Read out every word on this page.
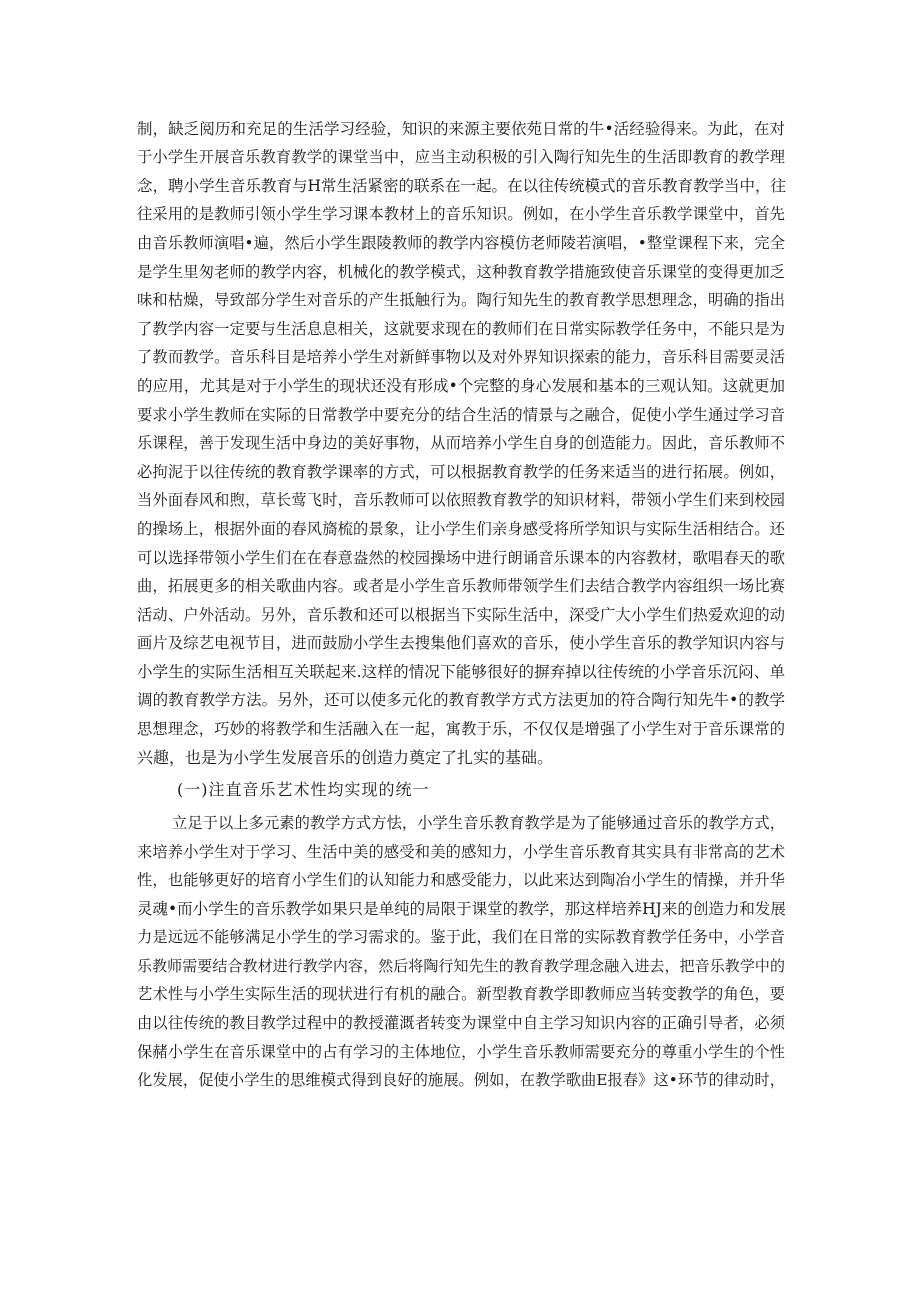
制，缺乏阅历和充足的生活学习经验，知识的来源主要依苑日常的牛•活经验得来。为此，在对
于小学生开展音乐教育教学的课堂当中，应当主动积极的引入陶行知先生的生活即教育的教学理
念，聘小学生音乐教育与H常生活紧密的联系在一起。在以往传统模式的音乐教育教学当中，往
往采用的是教师引领小学生学习课本教材上的音乐知识。例如，在小学生音乐教学课堂中，首先
由音乐教师演唱•遍，然后小学生跟陵教师的教学内容模仿老师陵若演唱，•整堂课程下来，完全
是学生里匆老师的教学内容，机械化的教学模式，这种教育教学措施致使音乐课堂的变得更加乏
味和枯燥，导致部分学生对音乐的产生抵触行为。陶行知先生的教育教学思想理念，明确的指出
了教学内容一定要与生活息息相关，这就要求现在的教师们在日常实际教学任务中，不能只是为
了教而教学。音乐科目是培养小学生对新鲜事物以及对外界知识探索的能力，音乐科目需要灵活
的应用，尤其是对于小学生的现状还没有形成•个完整的身心发展和基本的三观认知。这就更加
要求小学生教师在实际的日常教学中要充分的结合生活的情景与之融合，促使小学生通过学习音
乐课程，善于发现生活中身边的美好事物，从而培养小学生自身的创造能力。因此，音乐教师不
必拘泥于以往传统的教育教学课率的方式，可以根据教育教学的任务来适当的进行拓展。例如，
当外面春风和煦，草长莺飞时，音乐教师可以依照教育教学的知识材料，带领小学生们来到校园
的操场上，根据外面的春风旖梳的景象，让小学生们亲身感受将所学知识与实际生活相结合。还
可以选择带领小学生们在在春意盎然的校园操场中进行朗诵音乐课本的内容教材，歌唱春天的歌
曲，拓展更多的相关歌曲内容。或者是小学生音乐教师带领学生们去结合教学内容组织一场比赛
活动、户外活动。另外，音乐教和还可以根据当下实际生活中，深受广大小学生们热爱欢迎的动
画片及综艺电视节目，进而鼓励小学生去搜集他们喜欢的音乐，使小学生音乐的教学知识内容与
小学生的实际生活相互关联起来.这样的情况下能够很好的摒弃掉以往传统的小学音乐沉闷、单
调的教育教学方法。另外，还可以使多元化的教育教学方式方法更加的符合陶行知先牛•的教学
思想理念，巧妙的将教学和生活融入在一起，寓教于乐，不仅仅是增强了小学生对于音乐课常的
兴趣，也是为小学生发展音乐的创造力奠定了扎实的基础。
(一)注直音乐艺术性均实现的统一
立足于以上多元素的教学方式方怯，小学生音乐教育教学是为了能够通过音乐的教学方式，
来培养小学生对于学习、生活中美的感受和美的感知力，小学生音乐教育其实具有非常高的艺术
性，也能够更好的培育小学生们的认知能力和感受能力，以此来达到陶冶小学生的情操，并升华
灵魂•而小学生的音乐教学如果只是单纯的局限于课堂的教学，那这样培养HJ来的创造力和发展
力是远远不能够满足小学生的学习需求的。鉴于此，我们在日常的实际教育教学任务中，小学音
乐教师需要结合教材进行教学内容，然后将陶行知先生的教育教学理念融入进去，把音乐教学中的
艺术性与小学生实际生活的现状进行有机的融合。新型教育教学即教师应当转变教学的角色，要
由以往传统的教目教学过程中的教授灌溉者转变为课堂中自主学习知识内容的正确引导者，必须
保赭小学生在音乐课堂中的占有学习的主体地位，小学生音乐教师需要充分的尊重小学生的个性
化发展，促使小学生的思维模式得到良好的施展。例如，在教学歌曲E报春》这•环节的律动时，
